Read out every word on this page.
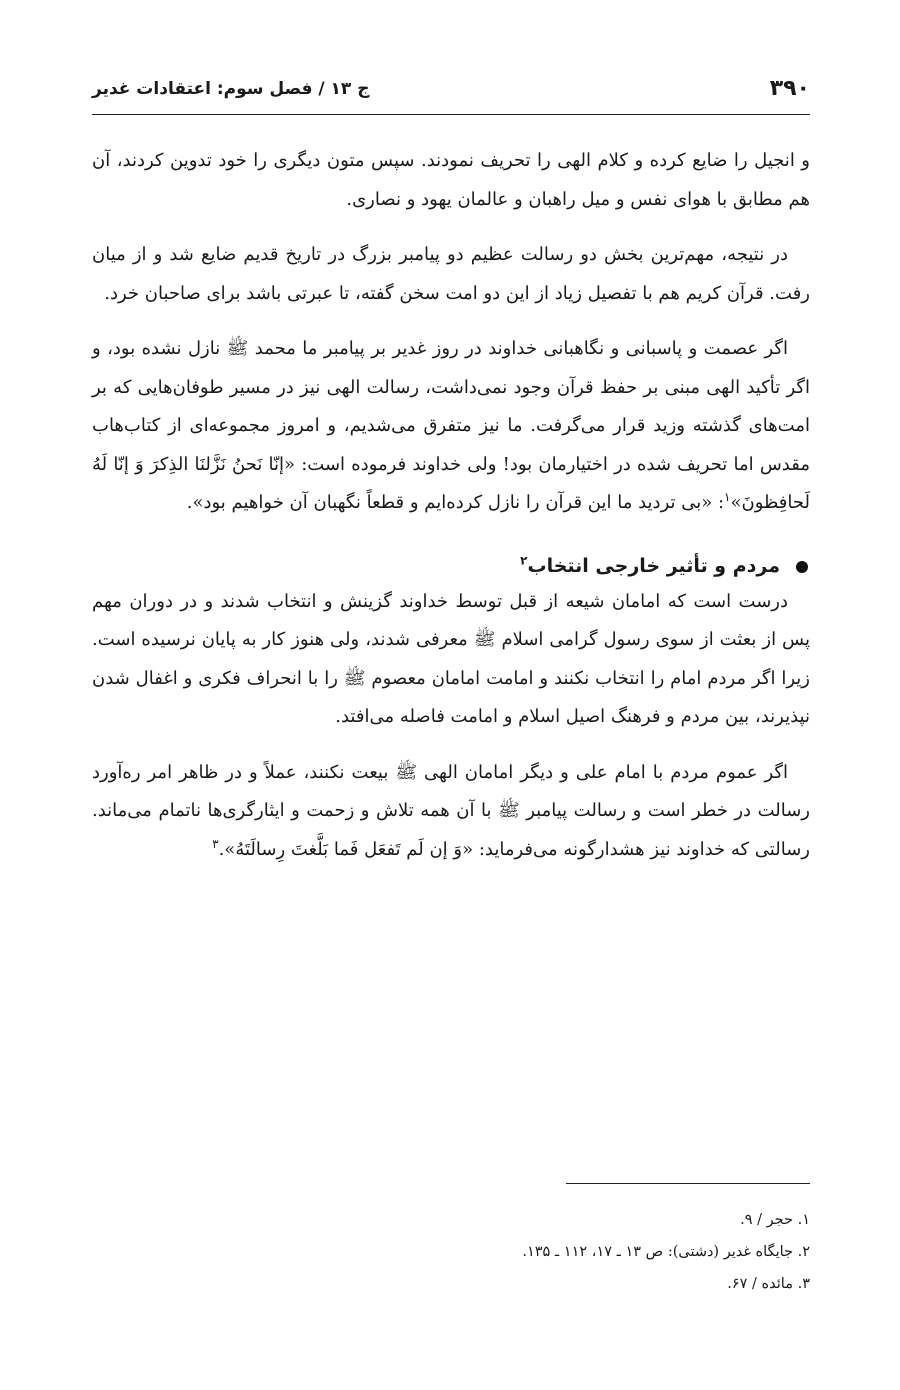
۳۹۰
ج ۱۳ / فصل سوم: اعتقادات غدیر

و انجیل را ضایع کرده و کلام الهی را تحریف نمودند. سپس متون دیگری را خود تدوین کردند، آن هم مطابق با هوای نفس و میل راهبان و عالمان یهود و نصاری.

در نتیجه، مهم‌ترین بخش دو رسالت عظیم دو پیامبر بزرگ در تاریخ قدیم ضایع شد و از میان رفت. قرآن کریم هم با تفصیل زیاد از این دو امت سخن گفته، تا عبرتی باشد برای صاحبان خرد.

اگر عصمت و پاسبانی و نگاهبانی خداوند در روز غدیر بر پیامبر ما محمد ﷺ نازل نشده بود، و اگر تأکید الهی مبنی بر حفظ قرآن وجود نمی‌داشت، رسالت الهی نیز در مسیر طوفان‌هایی که بر امت‌های گذشته وزید قرار می‌گرفت. ما نیز متفرق می‌شدیم، و امروز مجموعه‌ای از کتاب‌هاب مقدس اما تحریف شده در اختیارمان بود! ولی خداوند فرموده است: «إنّا نَحنُ نَزَّلنَا الذِکرَ وَ إنّا لَهُ لَحافِظونَ»$^۱$: «بی تردید ما این قرآن را نازل کرده‌ایم و قطعاً نگهبان آن خواهیم بود».

مردم و تأثیر خارجی انتخاب$^۲$

درست است که امامان شیعه از قبل توسط خداوند گزینش و انتخاب شدند و در دوران مهم پس از بعثت از سوی رسول گرامی اسلام ﷺ معرفی شدند، ولی هنوز کار به پایان نرسیده است. زیرا اگر مردم امام را انتخاب نکنند و امامت امامان معصوم ﷺ را با انحراف فکری و اغفال شدن نپذیرند، بین مردم و فرهنگ اصیل اسلام و امامت فاصله می‌افتد.

اگر عموم مردم با امام علی و دیگر امامان الهی ﷺ بیعت نکنند، عملاً و در ظاهر امر ره‌آورد رسالت در خطر است و رسالت پیامبر ﷺ با آن همه تلاش و زحمت و ایثارگری‌ها ناتمام می‌ماند. رسالتی که خداوند نیز هشدارگونه می‌فرماید: «وَ إن لَم تَفعَل فَما بَلَّغتَ رِسالَتَهُ».$^۳$

۱. حجر / ۹.

۲. جایگاه غدیر (دشتی): ص ۱۳ ـ ۱۷، ۱۱۲ ـ ۱۳۵.

۳. مائده / ۶۷.
